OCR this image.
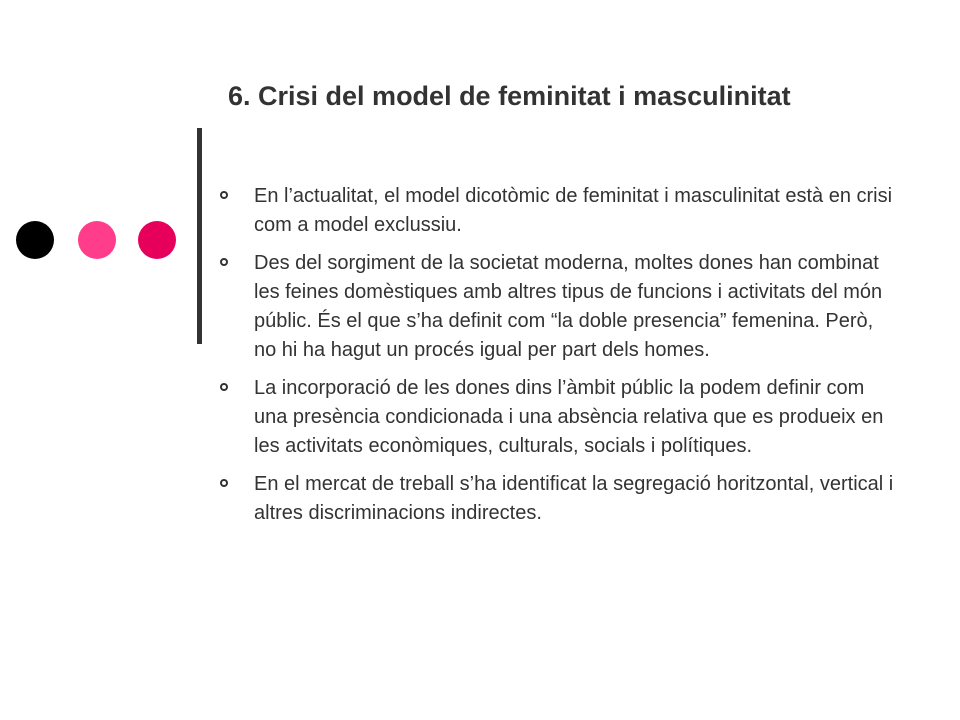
6. Crisi del model de feminitat i masculinitat
En l’actualitat, el model dicotòmic de feminitat i masculinitat està en crisi com a model exclussiu.
Des del sorgiment de la societat moderna, moltes dones han combinat les feines domèstiques amb altres tipus de funcions i activitats del món públic. És el que s’ha definit com “la doble presencia” femenina. Però, no hi ha hagut un procés igual per part dels homes.
La incorporació de les dones dins l’àmbit públic la podem definir com una presència condicionada i una absència relativa que es produeix en les activitats econòmiques, culturals, socials i polítiques.
En el mercat de treball s’ha identificat la segregació horitzontal, vertical i altres discriminacions indirectes.
